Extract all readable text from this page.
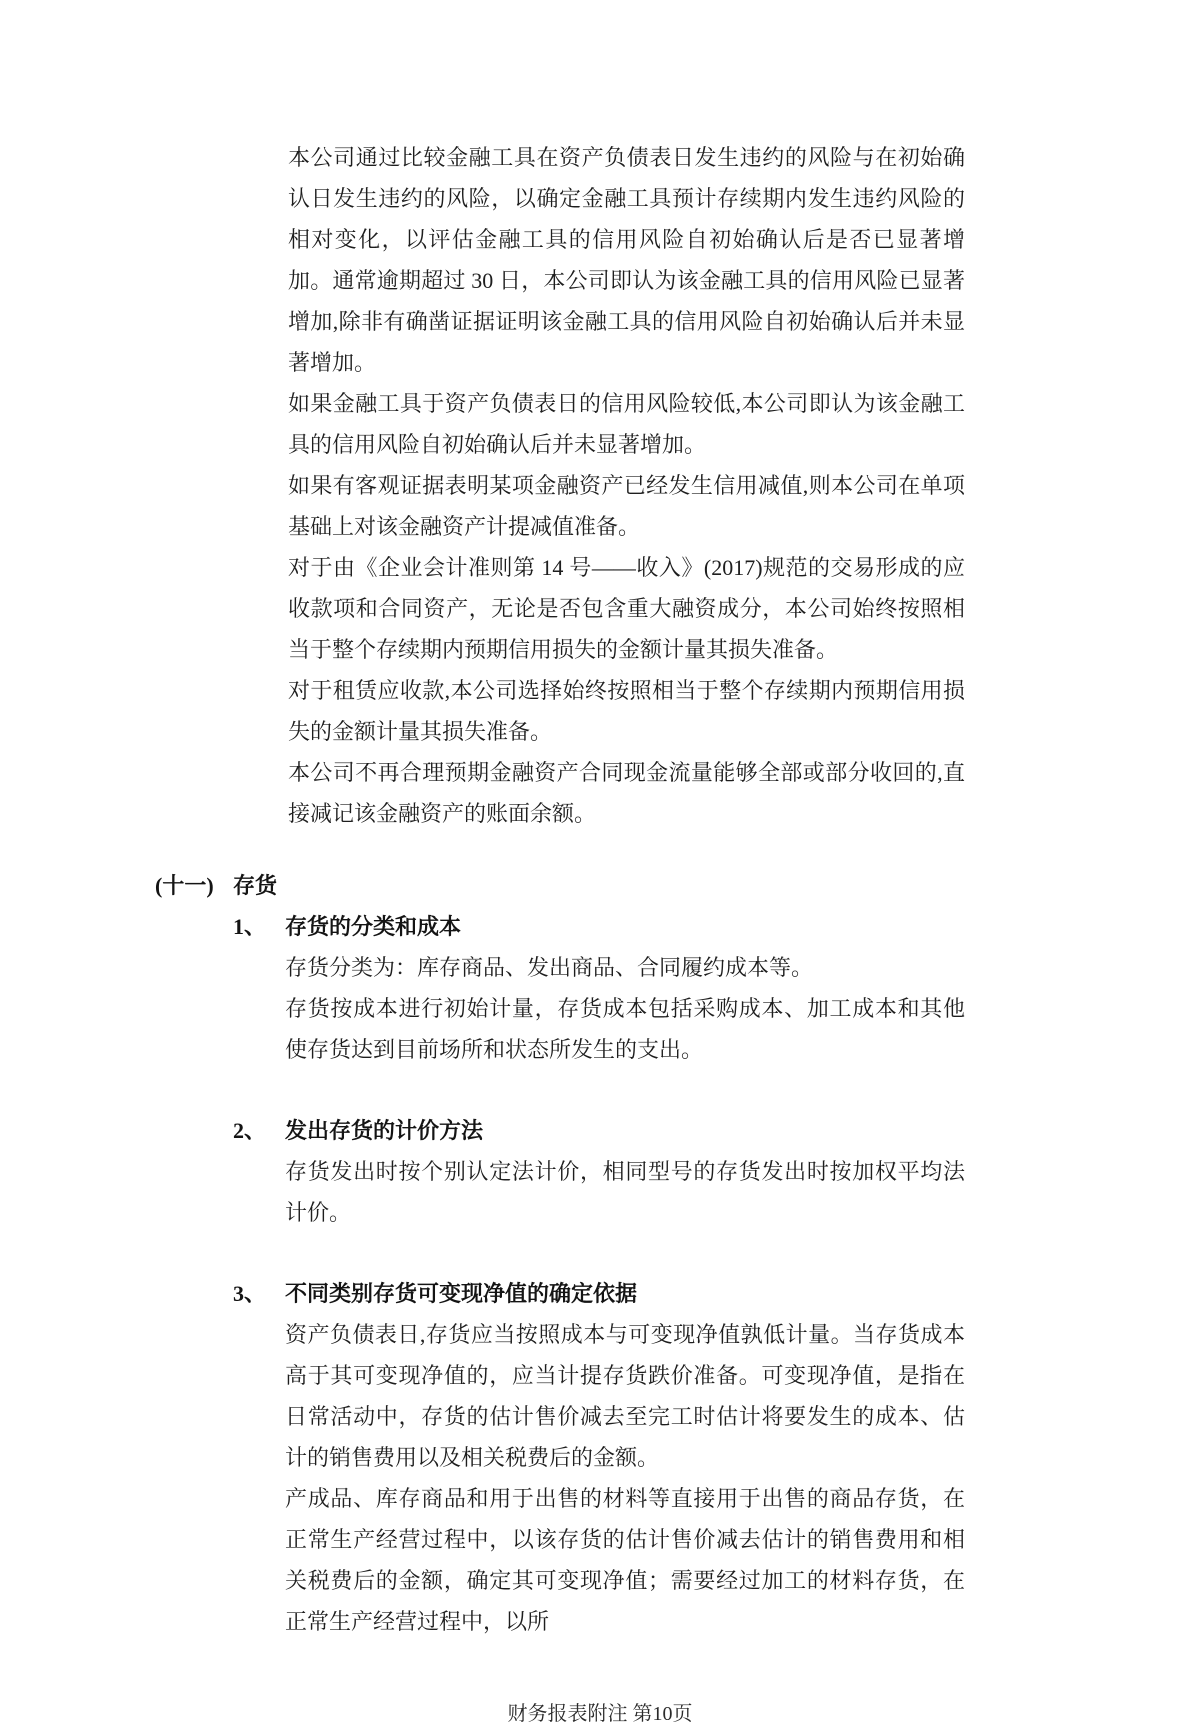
本公司通过比较金融工具在资产负债表日发生违约的风险与在初始确认日发生违约的风险，以确定金融工具预计存续期内发生违约风险的相对变化，以评估金融工具的信用风险自初始确认后是否已显著增加。通常逾期超过 30 日，本公司即认为该金融工具的信用风险已显著增加,除非有确凿证据证明该金融工具的信用风险自初始确认后并未显著增加。

如果金融工具于资产负债表日的信用风险较低,本公司即认为该金融工具的信用风险自初始确认后并未显著增加。

如果有客观证据表明某项金融资产已经发生信用减值,则本公司在单项基础上对该金融资产计提减值准备。

对于由《企业会计准则第 14 号——收入》(2017)规范的交易形成的应收款项和合同资产，无论是否包含重大融资成分，本公司始终按照相当于整个存续期内预期信用损失的金额计量其损失准备。

对于租赁应收款,本公司选择始终按照相当于整个存续期内预期信用损失的金额计量其损失准备。

本公司不再合理预期金融资产合同现金流量能够全部或部分收回的,直接减记该金融资产的账面余额。

(十一) 存货
1、 存货的分类和成本

存货分类为：库存商品、发出商品、合同履约成本等。

存货按成本进行初始计量，存货成本包括采购成本、加工成本和其他使存货达到目前场所和状态所发生的支出。

2、 发出存货的计价方法

存货发出时按个别认定法计价，相同型号的存货发出时按加权平均法计价。

3、 不同类别存货可变现净值的确定依据

资产负债表日,存货应当按照成本与可变现净值孰低计量。当存货成本高于其可变现净值的，应当计提存货跌价准备。可变现净值，是指在日常活动中，存货的估计售价减去至完工时估计将要发生的成本、估计的销售费用以及相关税费后的金额。

产成品、库存商品和用于出售的材料等直接用于出售的商品存货，在正常生产经营过程中，以该存货的估计售价减去估计的销售费用和相关税费后的金额，确定其可变现净值；需要经过加工的材料存货，在正常生产经营过程中，以所

财务报表附注 第10页
